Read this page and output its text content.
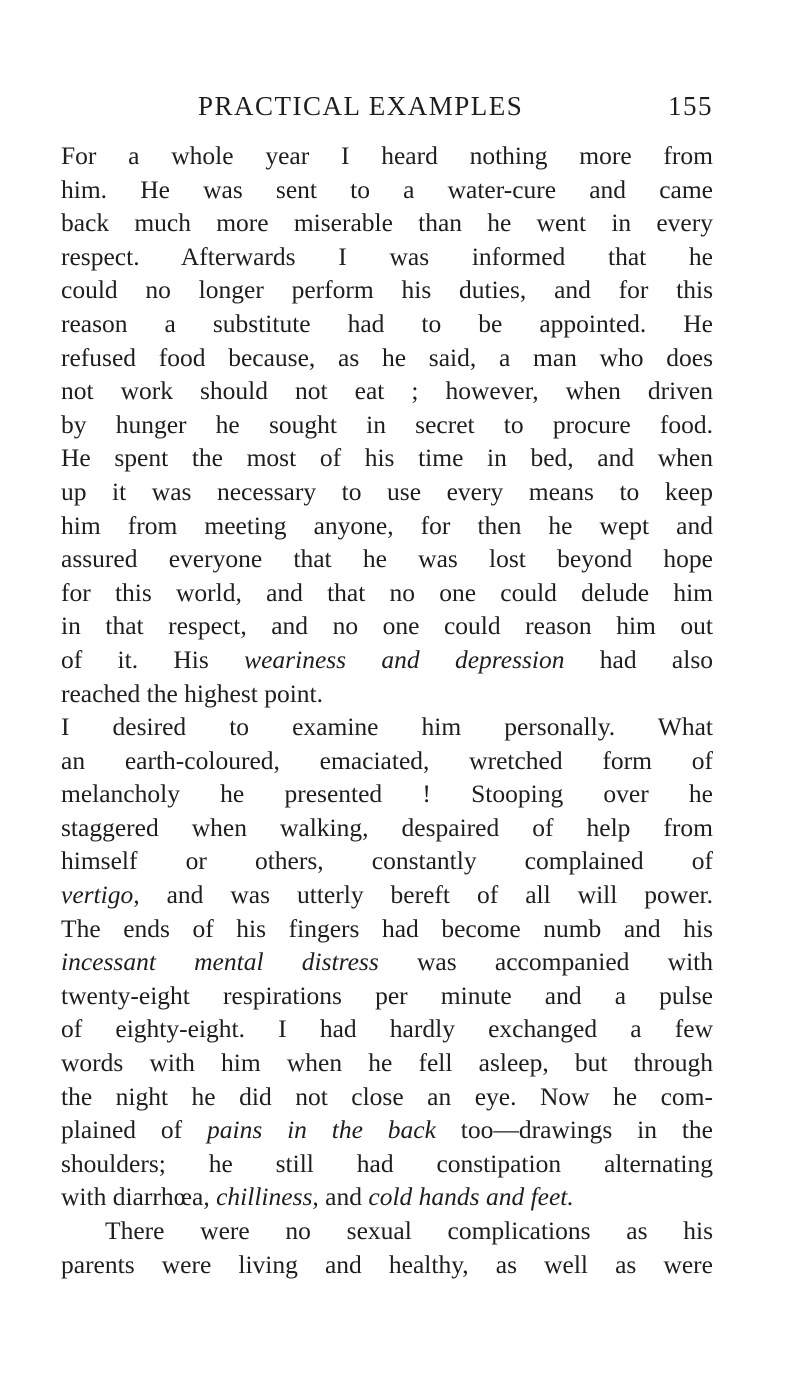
PRACTICAL EXAMPLES	155
For a whole year I heard nothing more from
him. He was sent to a water-cure and came
back much more miserable than he went in every
respect. Afterwards I was informed that he
could no longer perform his duties, and for this
reason a substitute had to be appointed. He
refused food because, as he said, a man who does
not work should not eat ; however, when driven
by hunger he sought in secret to procure food.
He spent the most of his time in bed, and when
up it was necessary to use every means to keep
him from meeting anyone, for then he wept and
assured everyone that he was lost beyond hope
for this world, and that no one could delude him
in that respect, and no one could reason him out
of it. His weariness and depression had also
reached the highest point.
I desired to examine him personally. What
an earth-coloured, emaciated, wretched form of
melancholy he presented ! Stooping over he
staggered when walking, despaired of help from
himself or others, constantly complained of
vertigo, and was utterly bereft of all will power.
The ends of his fingers had become numb and his
incessant mental distress was accompanied with
twenty-eight respirations per minute and a pulse
of eighty-eight. I had hardly exchanged a few
words with him when he fell asleep, but through
the night he did not close an eye. Now he com-
plained of pains in the back too—drawings in the
shoulders; he still had constipation alternating
with diarrhœa, chilliness, and cold hands and feet.
There were no sexual complications as his
parents were living and healthy, as well as were
